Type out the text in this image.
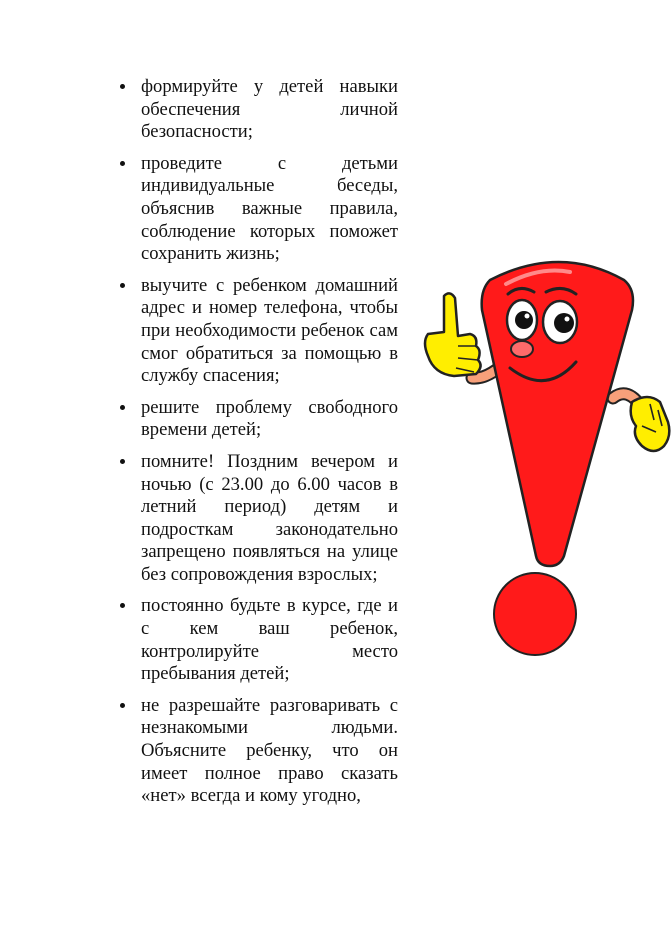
формируйте у детей навыки обеспечения личной безопасности;
проведите с детьми индивидуальные беседы, объяснив важные правила, соблюдение которых поможет сохранить жизнь;
выучите с ребенком домашний адрес и номер телефона, чтобы при необходимости ребенок сам смог обратиться за помощью в службу спасения;
решите проблему свободного времени детей;
помните! Поздним вечером и ночью (с 23.00 до 6.00 часов в летний период) детям и подросткам законодательно запрещено появляться на улице без сопровождения взрослых;
постоянно будьте в курсе, где и с кем ваш ребенок, контролируйте место пребывания детей;
не разрешайте разговаривать с незнакомыми людьми. Объясните ребенку, что он имеет полное право сказать «нет» всегда и кому угодно,
